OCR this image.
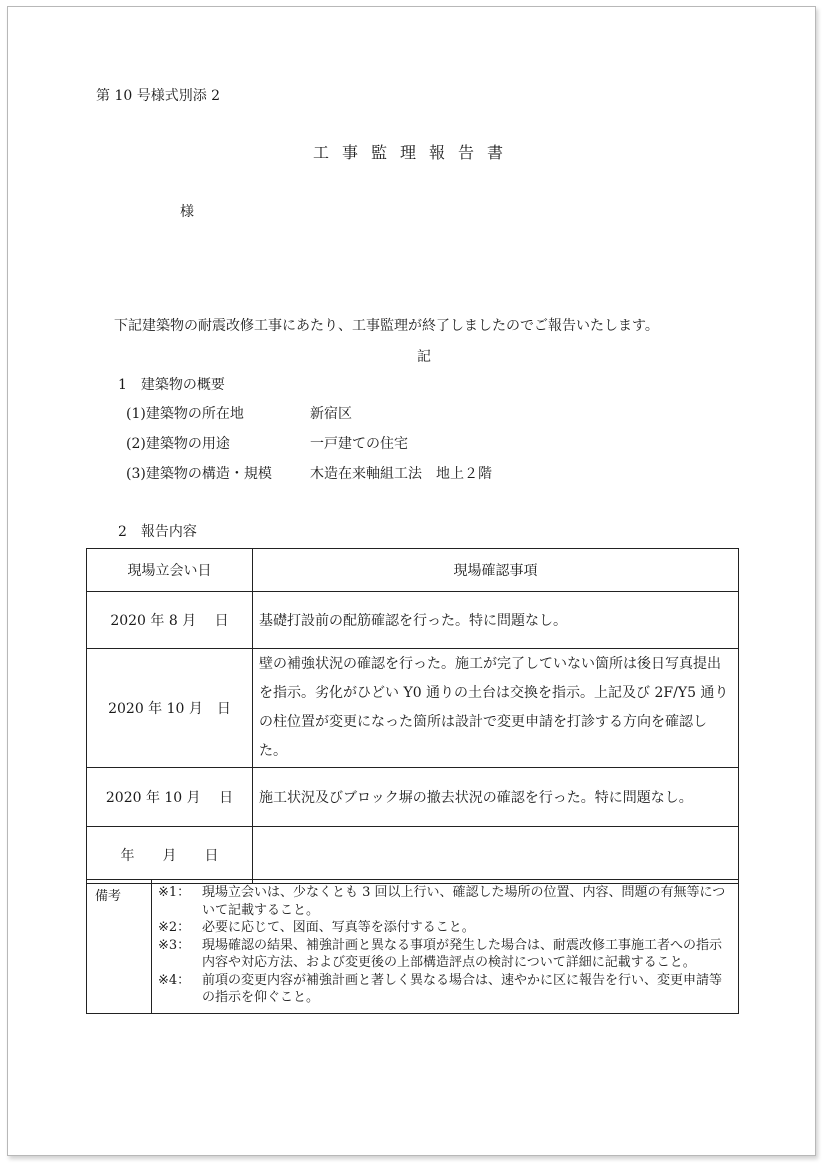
第 10 号様式別添 2
工事監理報告書
様
下記建築物の耐震改修工事にあたり、工事監理が終了しましたのでご報告いたします。
記
1　建築物の概要
(1)建築物の所在地	新宿区
(2)建築物の用途	一戸建ての住宅
(3)建築物の構造・規模	木造在来軸組工法　地上２階
2　報告内容
現場立会い日	現場確認事項
2020 年 8 月　 日	基礎打設前の配筋確認を行った。特に問題なし。
2020 年 10 月　日	壁の補強状況の確認を行った。施工が完了していない箇所は後日写真提出を指示。劣化がひどい Y0 通りの土台は交換を指示。上記及び 2F/Y5 通りの柱位置が変更になった箇所は設計で変更申請を打診する方向を確認した。
2020 年 10 月　 日	施工状況及びブロック塀の撤去状況の確認を行った。特に問題なし。
年　　月　　日	
備考	※1： 現場立会いは、少なくとも 3 回以上行い、確認した場所の位置、内容、問題の有無等について記載すること。
※2： 必要に応じて、図面、写真等を添付すること。
※3： 現場確認の結果、補強計画と異なる事項が発生した場合は、耐震改修工事施工者への指示内容や対応方法、および変更後の上部構造評点の検討について詳細に記載すること。
※4： 前項の変更内容が補強計画と著しく異なる場合は、速やかに区に報告を行い、変更申請等の指示を仰ぐこと。
